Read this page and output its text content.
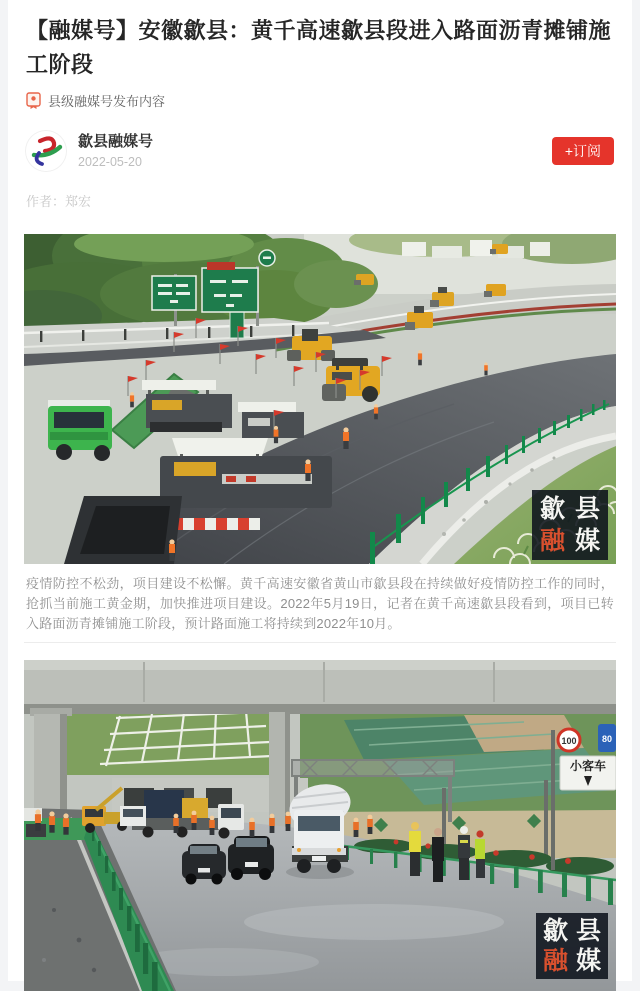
【融媒号】安徽歙县：黄千高速歙县段进入路面沥青摊铺施工阶段
县级融媒号发布内容
歙县融媒号
2022-05-20
+订阅
作者：郑宏
歙 县
融 媒

疫情防控不松劲，项目建设不松懈。黄千高速安徽省黄山市歙县段在持续做好疫情防控工作的同时，抢抓当前施工黄金期，加快推进项目建设。2022年5月19日，记者在黄千高速歙县段看到，项目已转入路面沥青摊铺施工阶段，预计路面施工将持续到2022年10月。

100	80
小客车
歙 县
融 媒
